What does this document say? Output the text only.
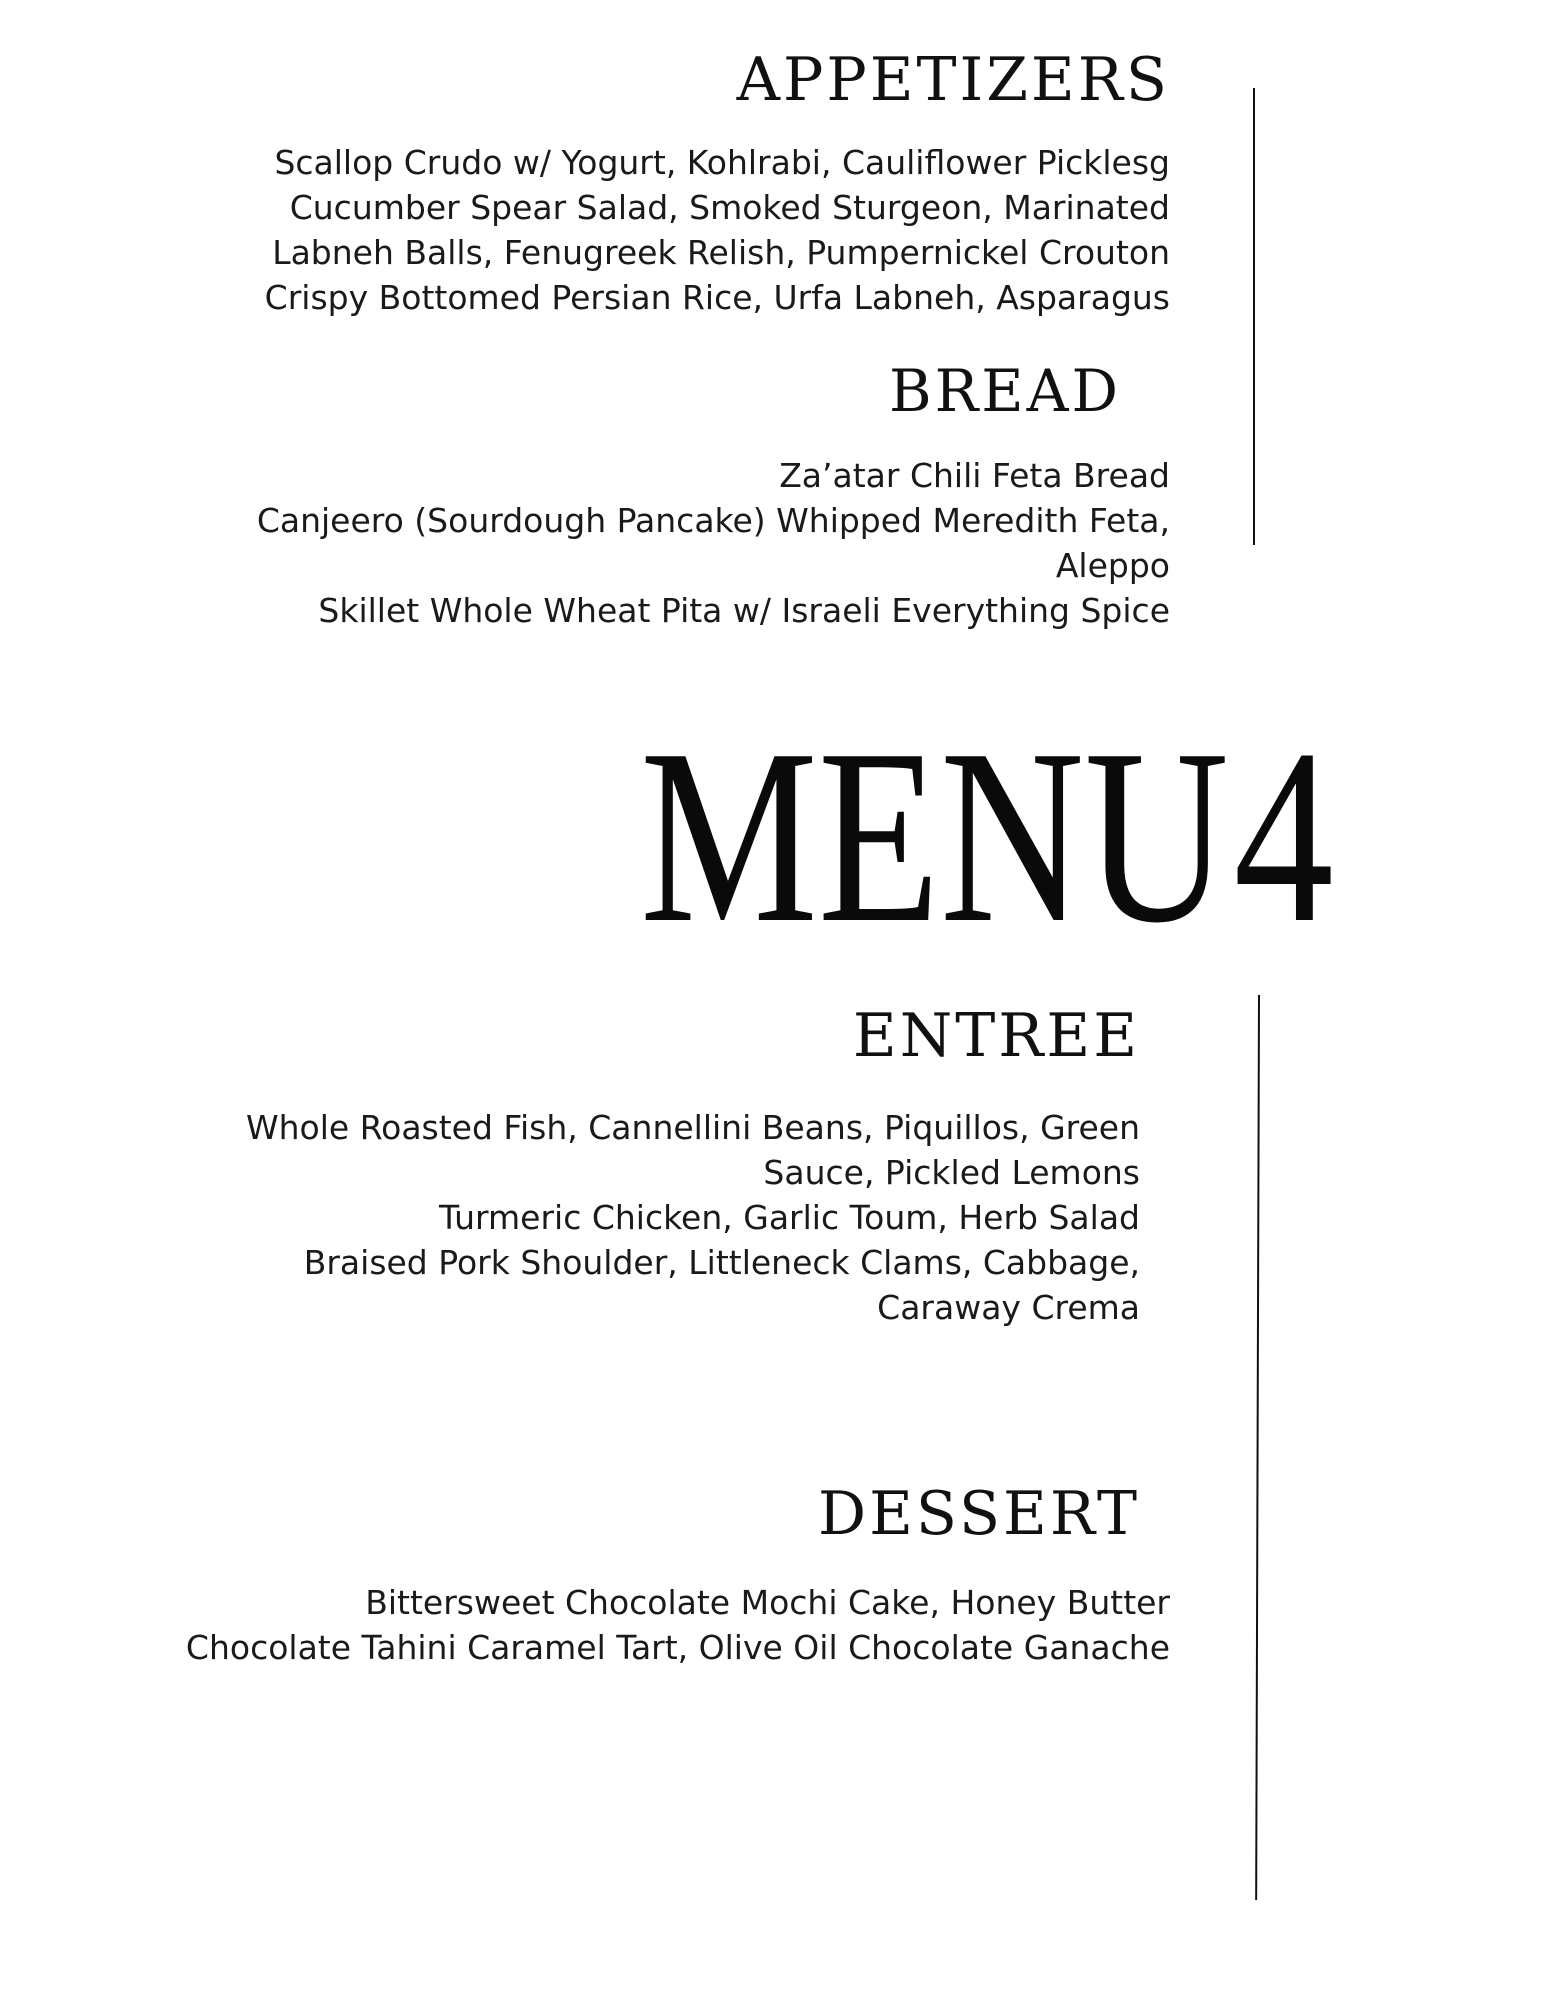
APPETIZERS
Scallop Crudo w/ Yogurt, Kohlrabi, Cauliflower Picklesg
Cucumber Spear Salad, Smoked Sturgeon, Marinated
Labneh Balls, Fenugreek Relish, Pumpernickel Crouton
Crispy Bottomed Persian Rice, Urfa Labneh, Asparagus
BREAD
Za’atar Chili Feta Bread
Canjeero (Sourdough Pancake) Whipped Meredith Feta,
Aleppo
Skillet Whole Wheat Pita w/ Israeli Everything Spice
MENU4
ENTREE
Whole Roasted Fish, Cannellini Beans, Piquillos, Green
Sauce, Pickled Lemons
Turmeric Chicken, Garlic Toum, Herb Salad
Braised Pork Shoulder, Littleneck Clams, Cabbage,
Caraway Crema
DESSERT
Bittersweet Chocolate Mochi Cake, Honey Butter
Chocolate Tahini Caramel Tart, Olive Oil Chocolate Ganache
